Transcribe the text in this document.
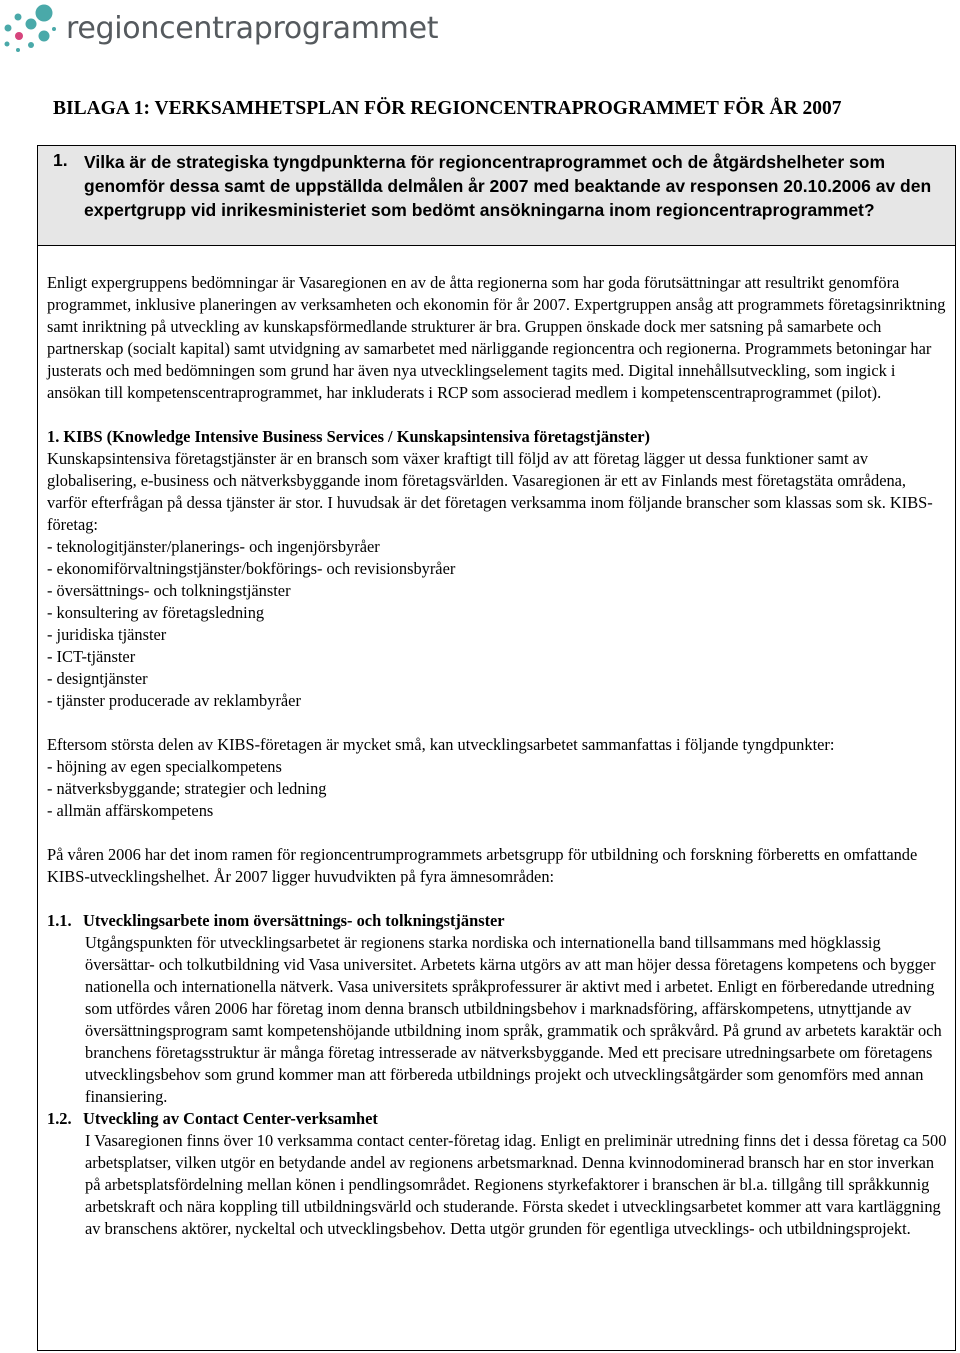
regioncentraprogrammet
BILAGA 1: VERKSAMHETSPLAN FÖR REGIONCENTRAPROGRAMMET FÖR ÅR 2007
1. Vilka är de strategiska tyngdpunkterna för regioncentraprogrammet och de åtgärdshelheter som genomför dessa samt de uppställda delmålen år 2007 med beaktande av responsen 20.10.2006 av den expertgrupp vid inrikesministeriet som bedömt ansökningarna inom regioncentraprogrammet?

Enligt expergruppens bedömningar är Vasaregionen en av de åtta regionerna som har goda förutsättningar att resultrikt genomföra programmet, inklusive planeringen av verksamheten och ekonomin för år 2007. Expertgruppen ansåg att programmets företagsinriktning samt inriktning på utveckling av kunskapsförmedlande strukturer är bra. Gruppen önskade dock mer satsning på samarbete och partnerskap (socialt kapital) samt utvidgning av samarbetet med närliggande regioncentra och regionerna. Programmets betoningar har justerats och med bedömningen som grund har även nya utvecklingselement tagits med. Digital innehållsutveckling, som ingick i ansökan till kompetenscentraprogrammet, har inkluderats i RCP som associerad medlem i kompetenscentraprogrammet (pilot).

1. KIBS (Knowledge Intensive Business Services / Kunskapsintensiva företagstjänster)

Kunskapsintensiva företagstjänster är en bransch som växer kraftigt till följd av att företag lägger ut dessa funktioner samt av globalisering, e-business och nätverksbyggande inom företagsvärlden. Vasaregionen är ett av Finlands mest företagstäta områdena, varför efterfrågan på dessa tjänster är stor. I huvudsak är det företagen verksamma inom följande branscher som klassas som sk. KIBS-företag:

- teknologitjänster/planerings- och ingenjörsbyråer
- ekonomiförvaltningstjänster/bokförings- och revisionsbyråer
- översättnings- och tolkningstjänster
- konsultering av företagsledning
- juridiska tjänster
- ICT-tjänster
- designtjänster
- tjänster producerade av reklambyråer

Eftersom största delen av KIBS-företagen är mycket små, kan utvecklingsarbetet sammanfattas i följande tyngdpunkter:

- höjning av egen specialkompetens
- nätverksbyggande; strategier och ledning
- allmän affärskompetens

På våren 2006 har det inom ramen för regioncentrumprogrammets arbetsgrupp för utbildning och forskning förberetts en omfattande KIBS-utvecklingshelhet. År 2007 ligger huvudvikten på fyra ämnesområden:

1.1. Utvecklingsarbete inom översättnings- och tolkningstjänster

Utgångspunkten för utvecklingsarbetet är regionens starka nordiska och internationella band tillsammans med högklassig översättar- och tolkutbildning vid Vasa universitet. Arbetets kärna utgörs av att man höjer dessa företagens kompetens och bygger nationella och internationella nätverk. Vasa universitets språkprofessurer är aktivt med i arbetet. Enligt en förberedande utredning som utfördes våren 2006 har företag inom denna bransch utbildningsbehov i marknadsföring, affärskompetens, utnyttjande av översättningsprogram samt kompetenshöjande utbildning inom språk, grammatik och språkvård. På grund av arbetets karaktär och branchens företagsstruktur är många företag intresserade av nätverksbyggande. Med ett precisare utredningsarbete om företagens utvecklingsbehov som grund kommer man att förbereda utbildnings projekt och utvecklingsåtgärder som genomförs med annan finansiering.

1.2. Utveckling av Contact Center-verksamhet

I Vasaregionen finns över 10 verksamma contact center-företag idag. Enligt en preliminär utredning finns det i dessa företag ca 500 arbetsplatser, vilken utgör en betydande andel av regionens arbetsmarknad. Denna kvinnodominerad bransch har en stor inverkan på arbetsplatsfördelning mellan könen i pendlingsområdet. Regionens styrkefaktorer i branschen är bl.a. tillgång till språkkunnig arbetskraft och nära koppling till utbildningsvärld och studerande. Första skedet i utvecklingsarbetet kommer att vara kartläggning av branschens aktörer, nyckeltal och utvecklingsbehov. Detta utgör grunden för egentliga utvecklings- och utbildningsprojekt.
